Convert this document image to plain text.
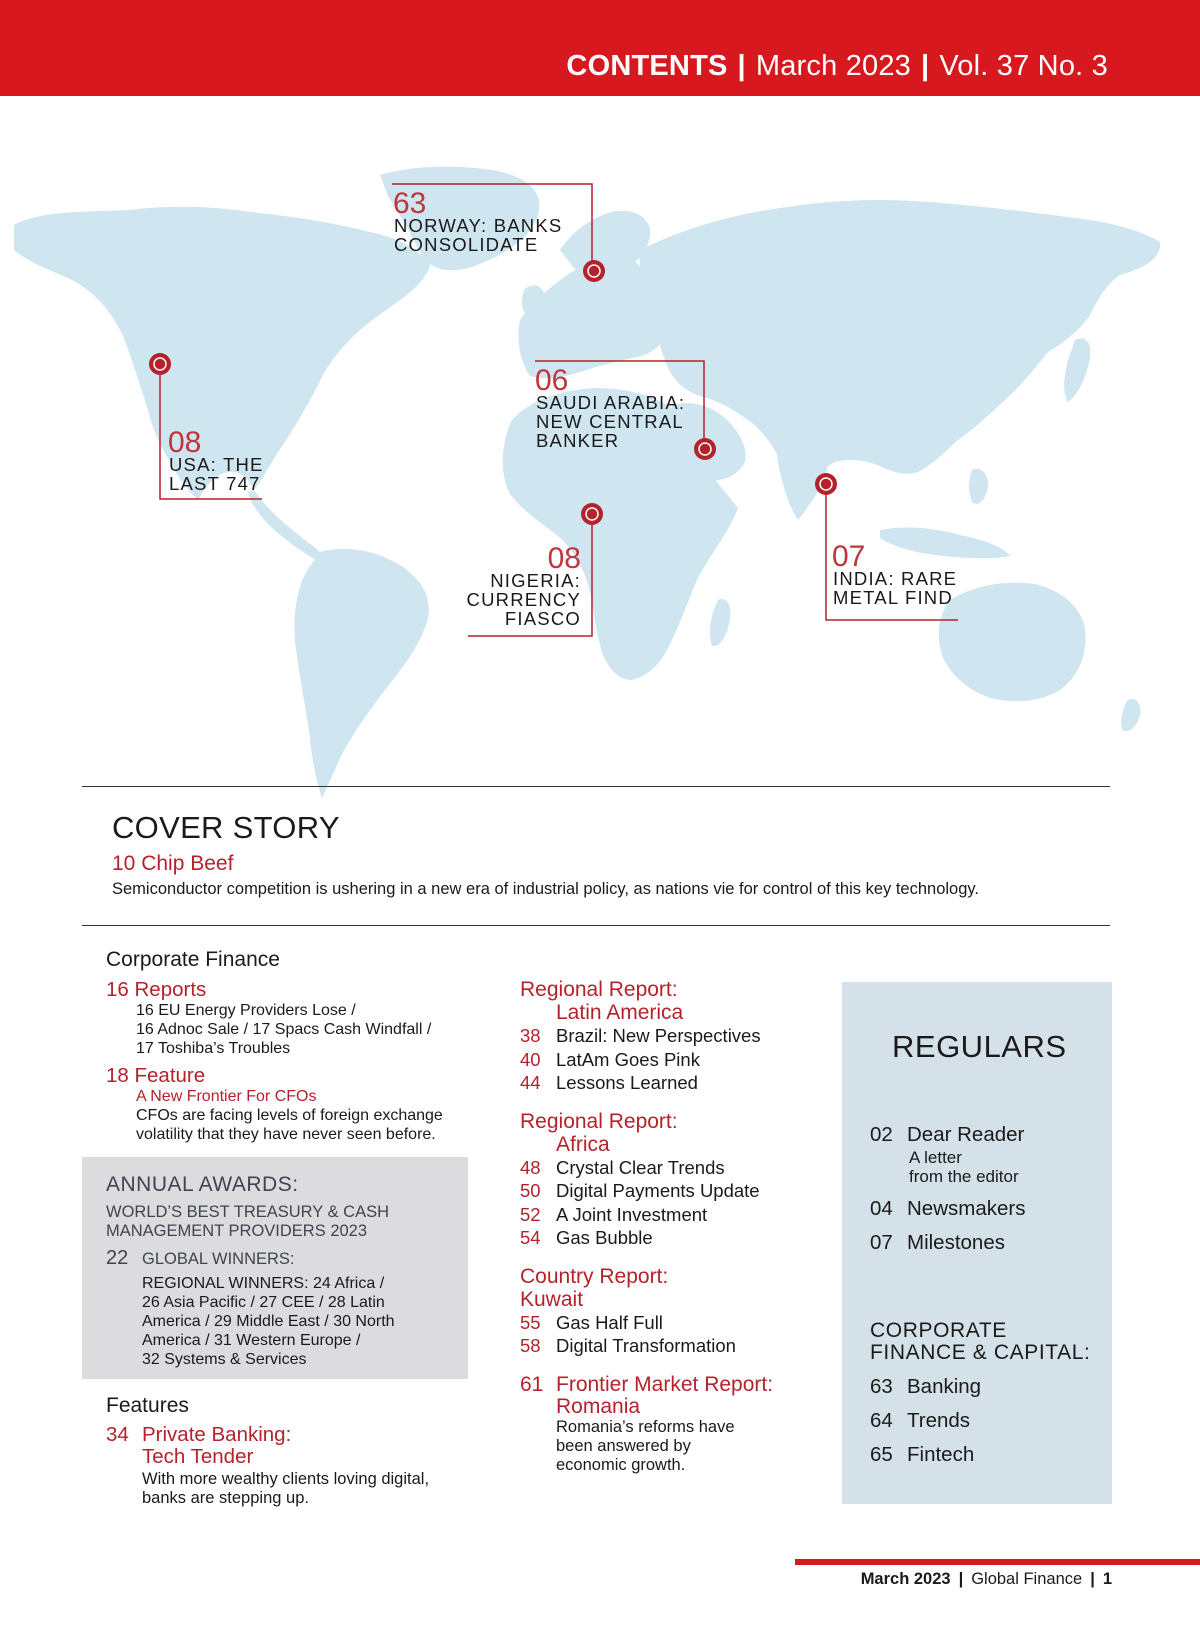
CONTENTS | March 2023 | Vol. 37 No. 3
63
NORWAY: BANKS
CONSOLIDATE
08
USA: THE
LAST 747
06
SAUDI ARABIA:
NEW CENTRAL
BANKER
08
NIGERIA:
CURRENCY
FIASCO
07
INDIA: RARE
METAL FIND
COVER STORY
10 Chip Beef
Semiconductor competition is ushering in a new era of industrial policy, as nations vie for control of this key technology.
Corporate Finance
16 Reports
16 EU Energy Providers Lose /
16 Adnoc Sale / 17 Spacs Cash Windfall /
17 Toshiba’s Troubles
18 Feature
A New Frontier For CFOs
CFOs are facing levels of foreign exchange
volatility that they have never seen before.
ANNUAL AWARDS:
WORLD’S BEST TREASURY & CASH
MANAGEMENT PROVIDERS 2023
22 GLOBAL WINNERS:
REGIONAL WINNERS: 24 Africa /
26 Asia Pacific / 27 CEE / 28 Latin
America / 29 Middle East / 30 North
America / 31 Western Europe /
32 Systems & Services
Features
34 Private Banking:
Tech Tender
With more wealthy clients loving digital,
banks are stepping up.
Regional Report:
Latin America
38 Brazil: New Perspectives
40 LatAm Goes Pink
44 Lessons Learned
Regional Report:
Africa
48 Crystal Clear Trends
50 Digital Payments Update
52 A Joint Investment
54 Gas Bubble
Country Report:
Kuwait
55 Gas Half Full
58 Digital Transformation
61 Frontier Market Report:
Romania
Romania’s reforms have
been answered by
economic growth.
REGULARS
02 Dear Reader
A letter
from the editor
04 Newsmakers
07 Milestones
CORPORATE
FINANCE & CAPITAL:
63 Banking
64 Trends
65 Fintech
March 2023 | Global Finance | 1
